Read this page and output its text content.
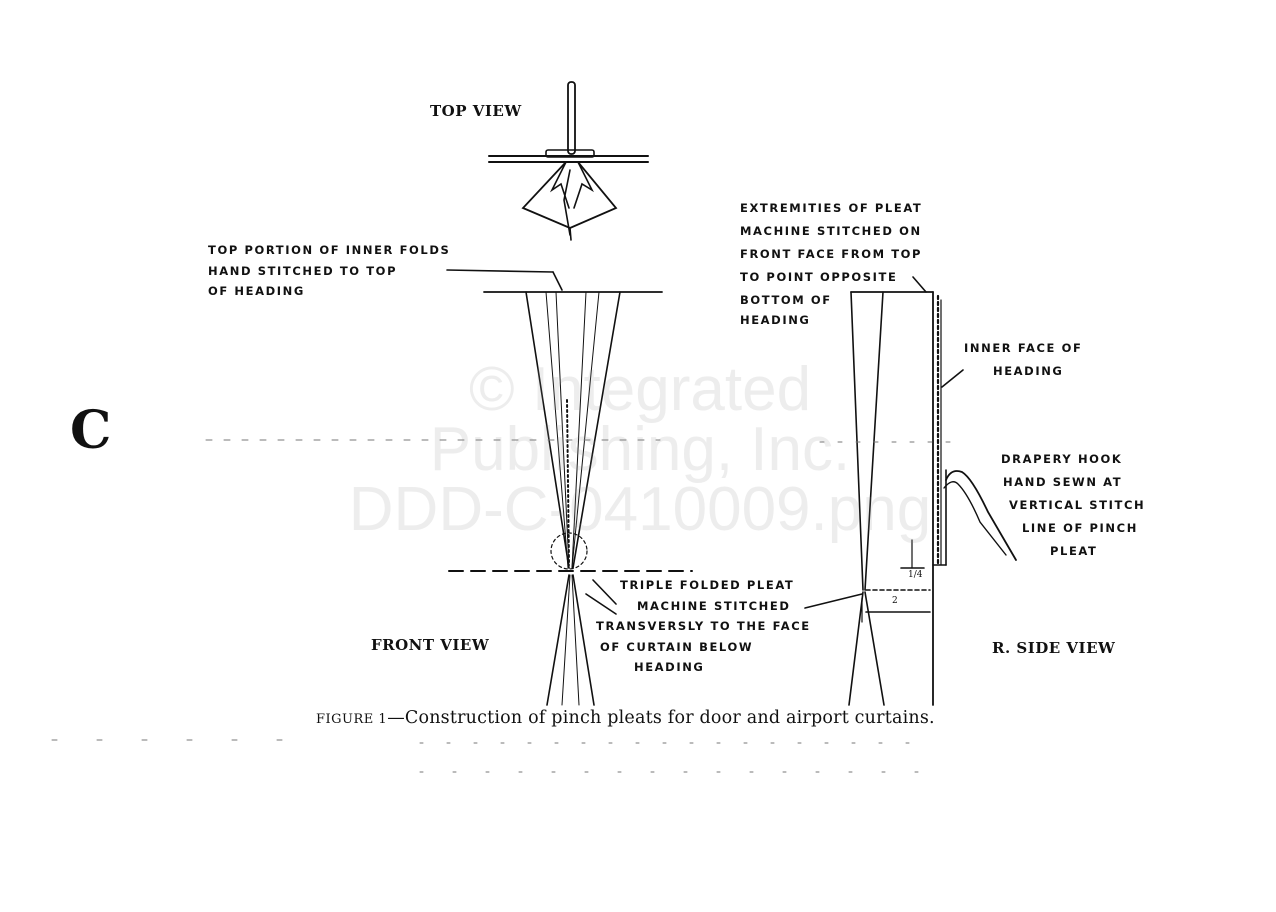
© Integrated
Publishing, Inc.
DDD-C-0410009.png
C
TOP VIEW
FRONT VIEW	R. SIDE VIEW
TOP PORTION OF INNER FOLDS
HAND STITCHED TO TOP
OF HEADING
EXTREMITIES OF PLEAT
MACHINE STITCHED ON
FRONT FACE FROM TOP
TO POINT OPPOSITE
BOTTOM OF
HEADING
INNER FACE OF
HEADING
DRAPERY HOOK
HAND SEWN AT
VERTICAL STITCH
LINE OF PINCH
PLEAT
TRIPLE FOLDED PLEAT
MACHINE STITCHED
TRANSVERSLY TO THE FACE
OF CURTAIN BELOW
HEADING
1/4
2
FIGURE 1—Construction of pinch pleats for door and airport curtains.
